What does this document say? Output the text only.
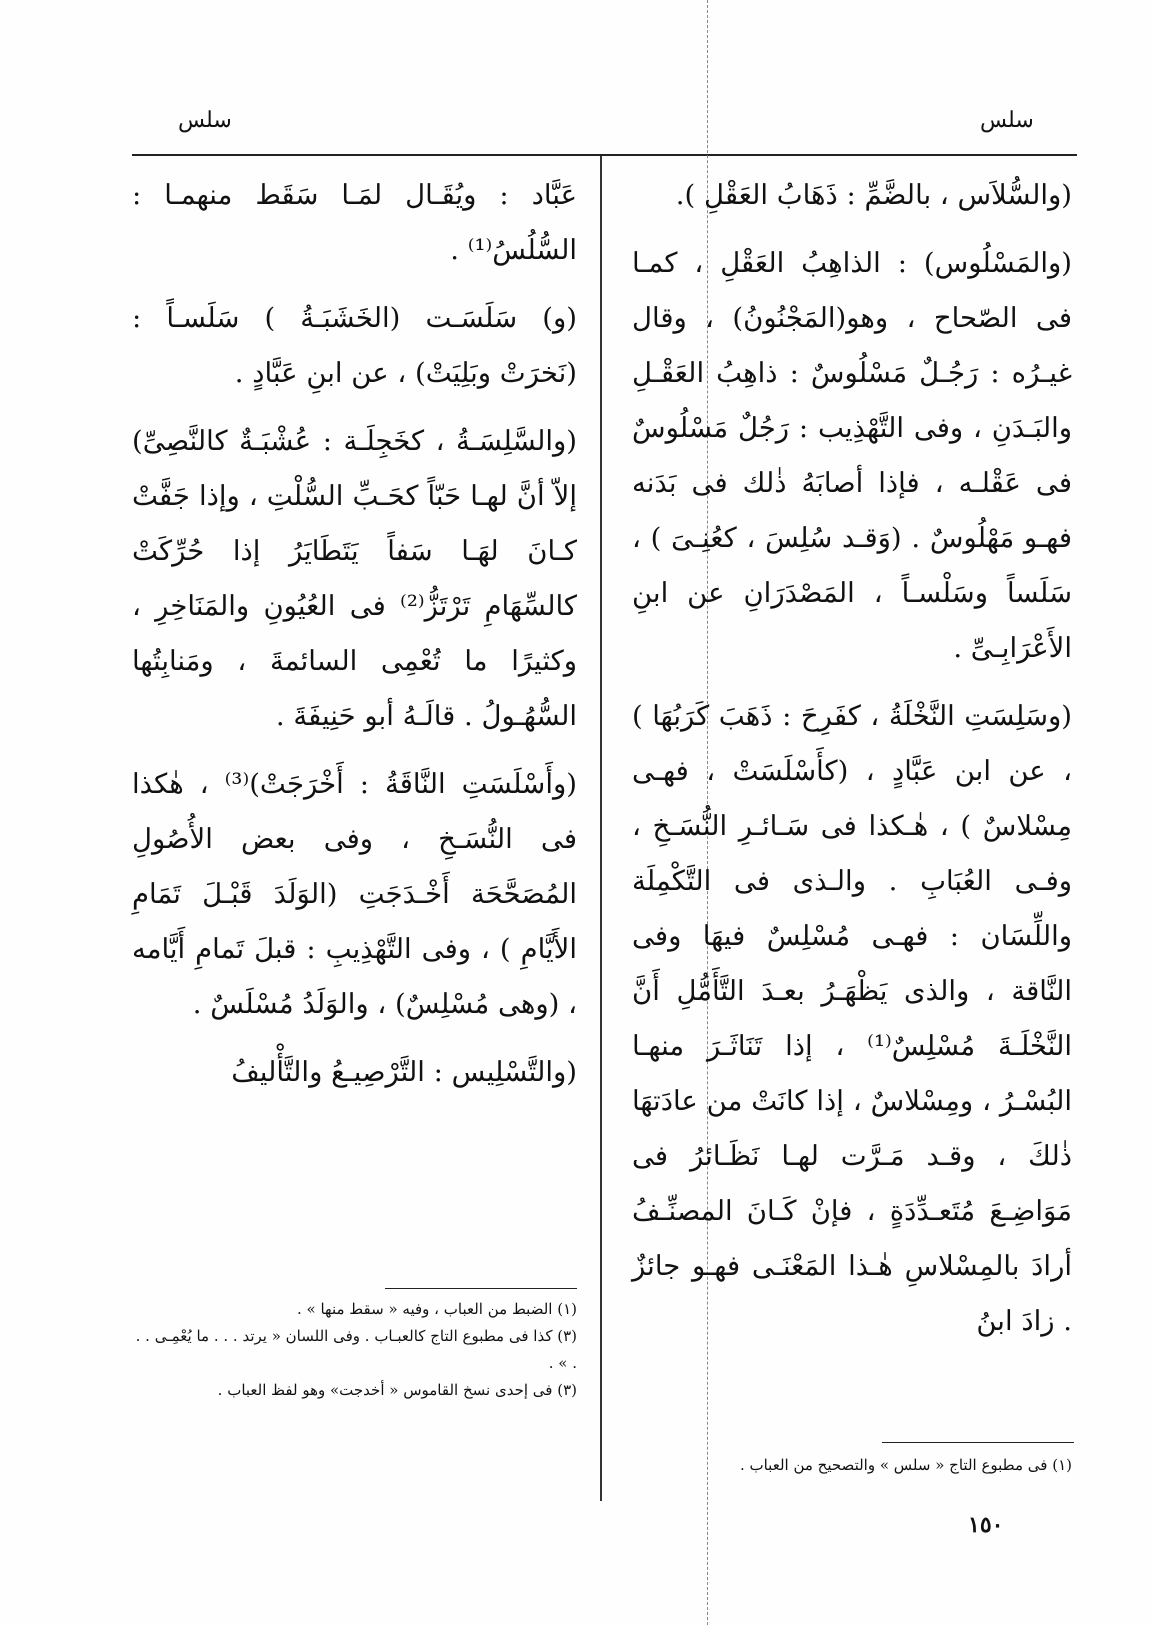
سلس
سلس

(والسُّلاَس ، بالضَّمِّ : ذَهَابُ العَقْلِ ).

(والمَسْلُوس) : الذاهِبُ العَقْلِ ، كمـا فى الصّحاح ، وهو(المَجْنُونُ) ، وقال غيـرُه : رَجُـلٌ مَسْلُوسٌ : ذاهِبُ العَقْـلِ والبَـدَنِ ، وفى التَّهْذِيب : رَجُلٌ مَسْلُوسٌ فى عَقْلـه ، فإذا أصابَهُ ذٰلك فى بَدَنه فهـو مَهْلُوسٌ . (وَقـد سُلِسَ ، كعُنِـىَ ) ، سَلَساً وسَلْسـاً ، المَصْدَرَانِ عن ابنِ الأَعْرَابِـىِّ .

(وسَلِسَتِ النَّخْلَةُ ، كفَرِحَ : ذَهَبَ كَرَبُهَا ) ، عن ابن عَبَّادٍ ، (كأَسْلَسَتْ ، فهـى مِسْلاسٌ ) ، هٰـكذا فى سَـائـرِ النُّسَـخِ ، وفـى العُبَابِ . والـذى فى التَّكْمِلَة واللِّسَان : فهـى مُسْلِسٌ فيهَا وفى النَّاقة ، والذى يَظْهَـرُ بعـدَ التَّأَمُّلِ أَنَّ النَّخْلَـةَ مُسْلِسٌ⁽¹⁾ ، إذا تَنَاثَـرَ منهـا البُسْـرُ ، ومِسْلاسٌ ، إذا كانَتْ من عادَتهَا ذٰلكَ ، وقـد مَـرَّت لهـا نَظَـائرُ فى مَوَاضِـعَ مُتَعـدِّدَةٍ ، فإنْ كَـانَ المصنِّـفُ أرادَ بالمِسْلاسِ هٰـذا المَعْنَـى فهـو جائزٌ . زادَ ابنُ

عَبَّاد : ويُقَـال لمَـا سَقَط منهمـا : السُّلُسُ⁽¹⁾ .

(و) سَلَسَـت (الخَشَبَـةُ ) سَلَسـاً : (نَخرَتْ وبَلِيَتْ) ، عن ابنِ عَبَّادٍ .

(والسَّلِسَـةُ ، كخَجِلَـة : عُشْبَـةٌ كالنَّصِىِّ) إلاّ أنَّ لهـا حَبّاً كحَـبِّ السُّلْتِ ، وإذا جَفَّتْ كـانَ لهَـا سَفاً يَتَطَايَرُ إذا حُرِّكَتْ كالسِّهَامِ تَرْتَزُّ⁽²⁾ فى العُيُونِ والمَنَاخِرِ ، وكثيرًا ما تُعْمِى السائمةَ ، ومَنابِتُها السُّهُـولُ . قالَـهُ أبو حَنِيفَةَ .

(وأَسْلَسَتِ النَّاقَةُ : أَخْرَجَتْ)⁽³⁾ ، هٰكذا فى النُّسَـخِ ، وفى بعض الأُصُولِ المُصَحَّحَة أَخْـدَجَتِ (الوَلَدَ قَبْـلَ تَمَامِ الأَيَّامِ ) ، وفى التَّهْذِيبِ : قبلَ تَمامِ أَيَّامه ، (وهى مُسْلِسٌ) ، والوَلَدُ مُسْلَسٌ .

(والتَّسْلِيس : التَّرْصِيـعُ والتَّأْليفُ

(١) فى مطبوع التاج « سلس » والتصحيح من العباب .

(١) الضبط من العباب ، وفيه « سقط منها » .

(٣) كذا فى مطبوع التاج كالعبـاب . وفى اللسان « يرتد . . . ما يُعْمِـى . . . » .

(٣) فى إحدى نسخ القاموس « أخدجت» وهو لفظ العباب .

١٥٠
